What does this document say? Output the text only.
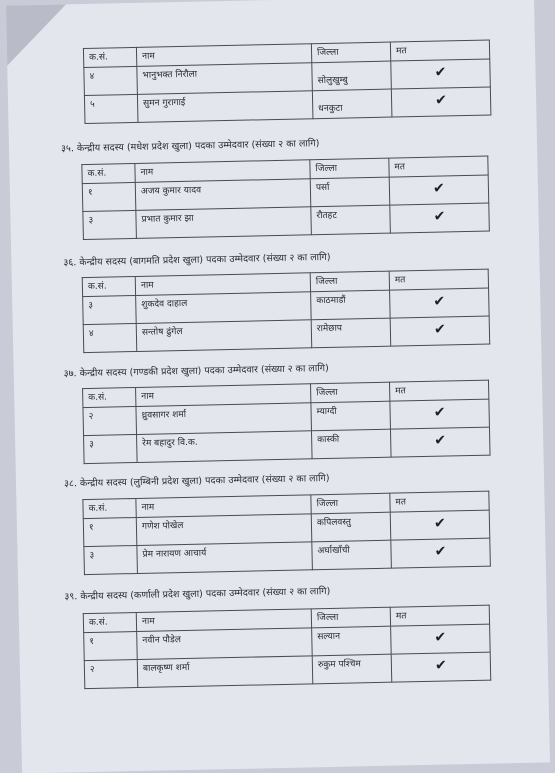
क.सं.	नाम	जिल्ला	मत
४	भानुभक्त निरौला	सोलुखुम्बु	✔

५	सुमन गुरागाई	धनकुटा	✔
३५. केन्द्रीय सदस्य (मधेश प्रदेश खुला) पदका उम्मेदवार (संख्या २ का लागि)
क.सं.	नाम	जिल्ला	मत
१	अजय कुमार यादव	पर्सा	✔

३	प्रभात कुमार झा	रौतहट	✔
३६. केन्द्रीय सदस्य (बागमति प्रदेश खुला) पदका उम्मेदवार (संख्या २ का लागि)
क.सं.	नाम	जिल्ला	मत
३	शुकदेव दाहाल	काठमाडौं	✔

४	सन्तोष ढुंगेल	रामेछाप	✔
३७. केन्द्रीय सदस्य (गण्डकी प्रदेश खुला) पदका उम्मेदवार (संख्या २ का लागि)
क.सं.	नाम	जिल्ला	मत
२	ध्रुवसागर शर्मा	म्याग्दी	✔

३	रेम बहादुर वि.क.	कास्की	✔
३८. केन्द्रीय सदस्य (लुम्बिनी प्रदेश खुला) पदका उम्मेदवार (संख्या २ का लागि)
क.सं.	नाम	जिल्ला	मत
१	गणेश पोखेल	कपिलवस्तु	✔

३	प्रेम नारायण आचार्य	अर्घाखाँची	✔
३९. केन्द्रीय सदस्य (कर्णाली प्रदेश खुला) पदका उम्मेदवार (संख्या २ का लागि)
क.सं.	नाम	जिल्ला	मत
१	नवीन पौडेल	सल्यान	✔

२	बालकृष्ण शर्मा	रुकुम पश्चिम	✔
